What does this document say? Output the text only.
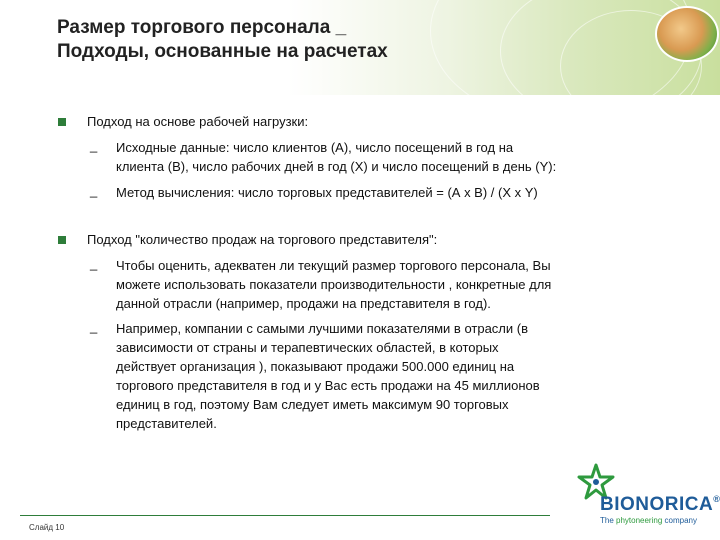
Размер торгового персонала _
Подходы, основанные на расчетах
Подход на основе рабочей нагрузки:
_ Исходные данные: число клиентов (А), число посещений в год на
клиента (В), число рабочих дней в год (Х) и число посещений в день (Y):
_ Метод вычисления: число торговых представителей = (А х В) / (Х х Y)
Подход "количество продаж на торгового представителя":
_ Чтобы оценить, адекватен ли текущий размер торгового персонала, Вы
можете использовать показатели производительности , конкретные для
данной отрасли (например, продажи на представителя в год).
_ Например, компании с самыми лучшими показателями в отрасли (в
зависимости от страны и терапевтических областей, в которых
действует организация ), показывают продажи 500.000 единиц на
торгового представителя в год и у Вас есть продажи на 45 миллионов
единиц в год, поэтому Вам следует иметь максимум 90 торговых
представителей.
Слайд 10
BIONORICA®
The phytoneering company
